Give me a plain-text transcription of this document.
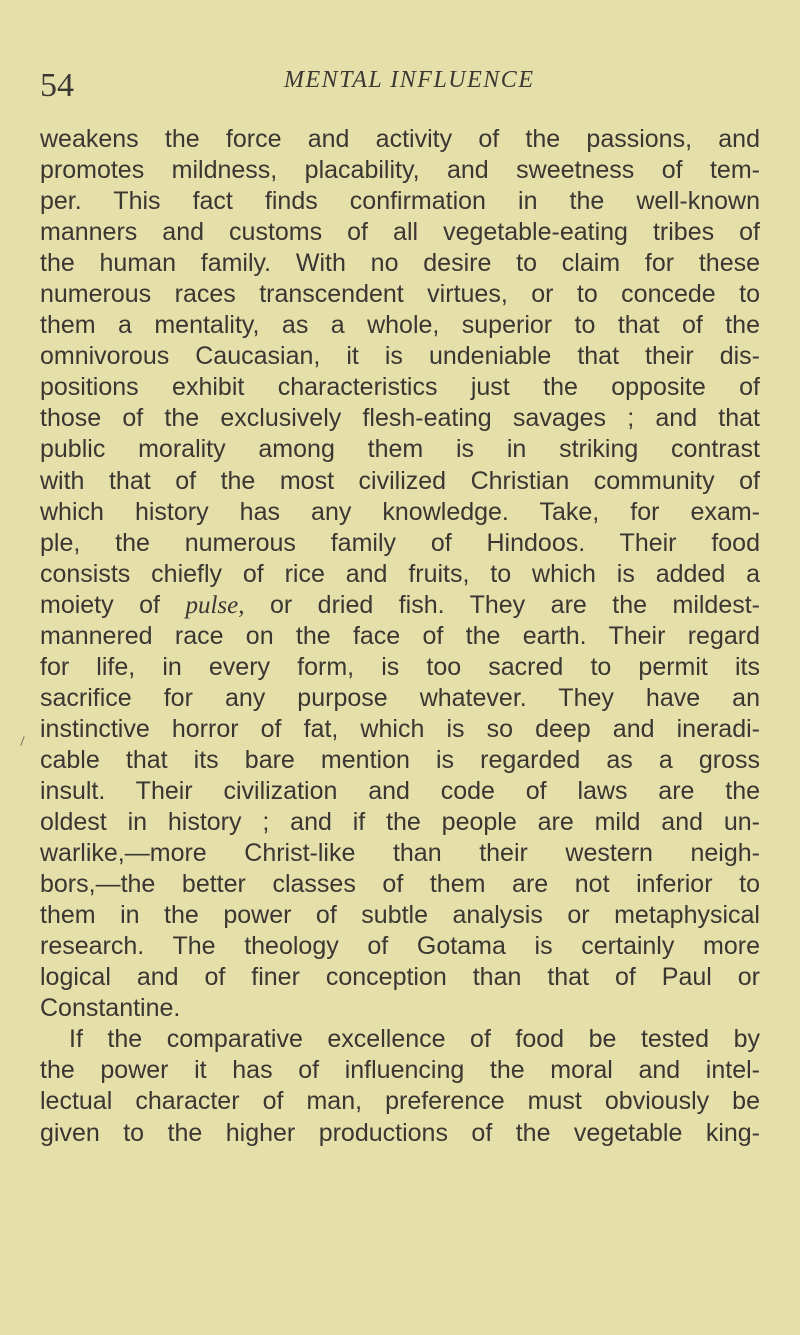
54	MENTAL INFLUENCE
weakens the force and activity of the passions, and
promotes mildness, placability, and sweetness of tem-
per. This fact finds confirmation in the well-known
manners and customs of all vegetable-eating tribes of
the human family. With no desire to claim for these
numerous races transcendent virtues, or to concede to
them a mentality, as a whole, superior to that of the
omnivorous Caucasian, it is undeniable that their dis-
positions exhibit characteristics just the opposite of
those of the exclusively flesh-eating savages ; and that
public morality among them is in striking contrast
with that of the most civilized Christian community of
which history has any knowledge. Take, for exam-
ple, the numerous family of Hindoos. Their food
consists chiefly of rice and fruits, to which is added a
moiety of pulse, or dried fish. They are the mildest-
mannered race on the face of the earth. Their regard
for life, in every form, is too sacred to permit its
sacrifice for any purpose whatever. They have an
instinctive horror of fat, which is so deep and ineradi-
cable that its bare mention is regarded as a gross
insult. Their civilization and code of laws are the
oldest in history ; and if the people are mild and un-
warlike,—more Christ-like than their western neigh-
bors,—the better classes of them are not inferior to
them in the power of subtle analysis or metaphysical
research. The theology of Gotama is certainly more
logical and of finer conception than that of Paul or
Constantine.
If the comparative excellence of food be tested by
the power it has of influencing the moral and intel-
lectual character of man, preference must obviously be
given to the higher productions of the vegetable king-
